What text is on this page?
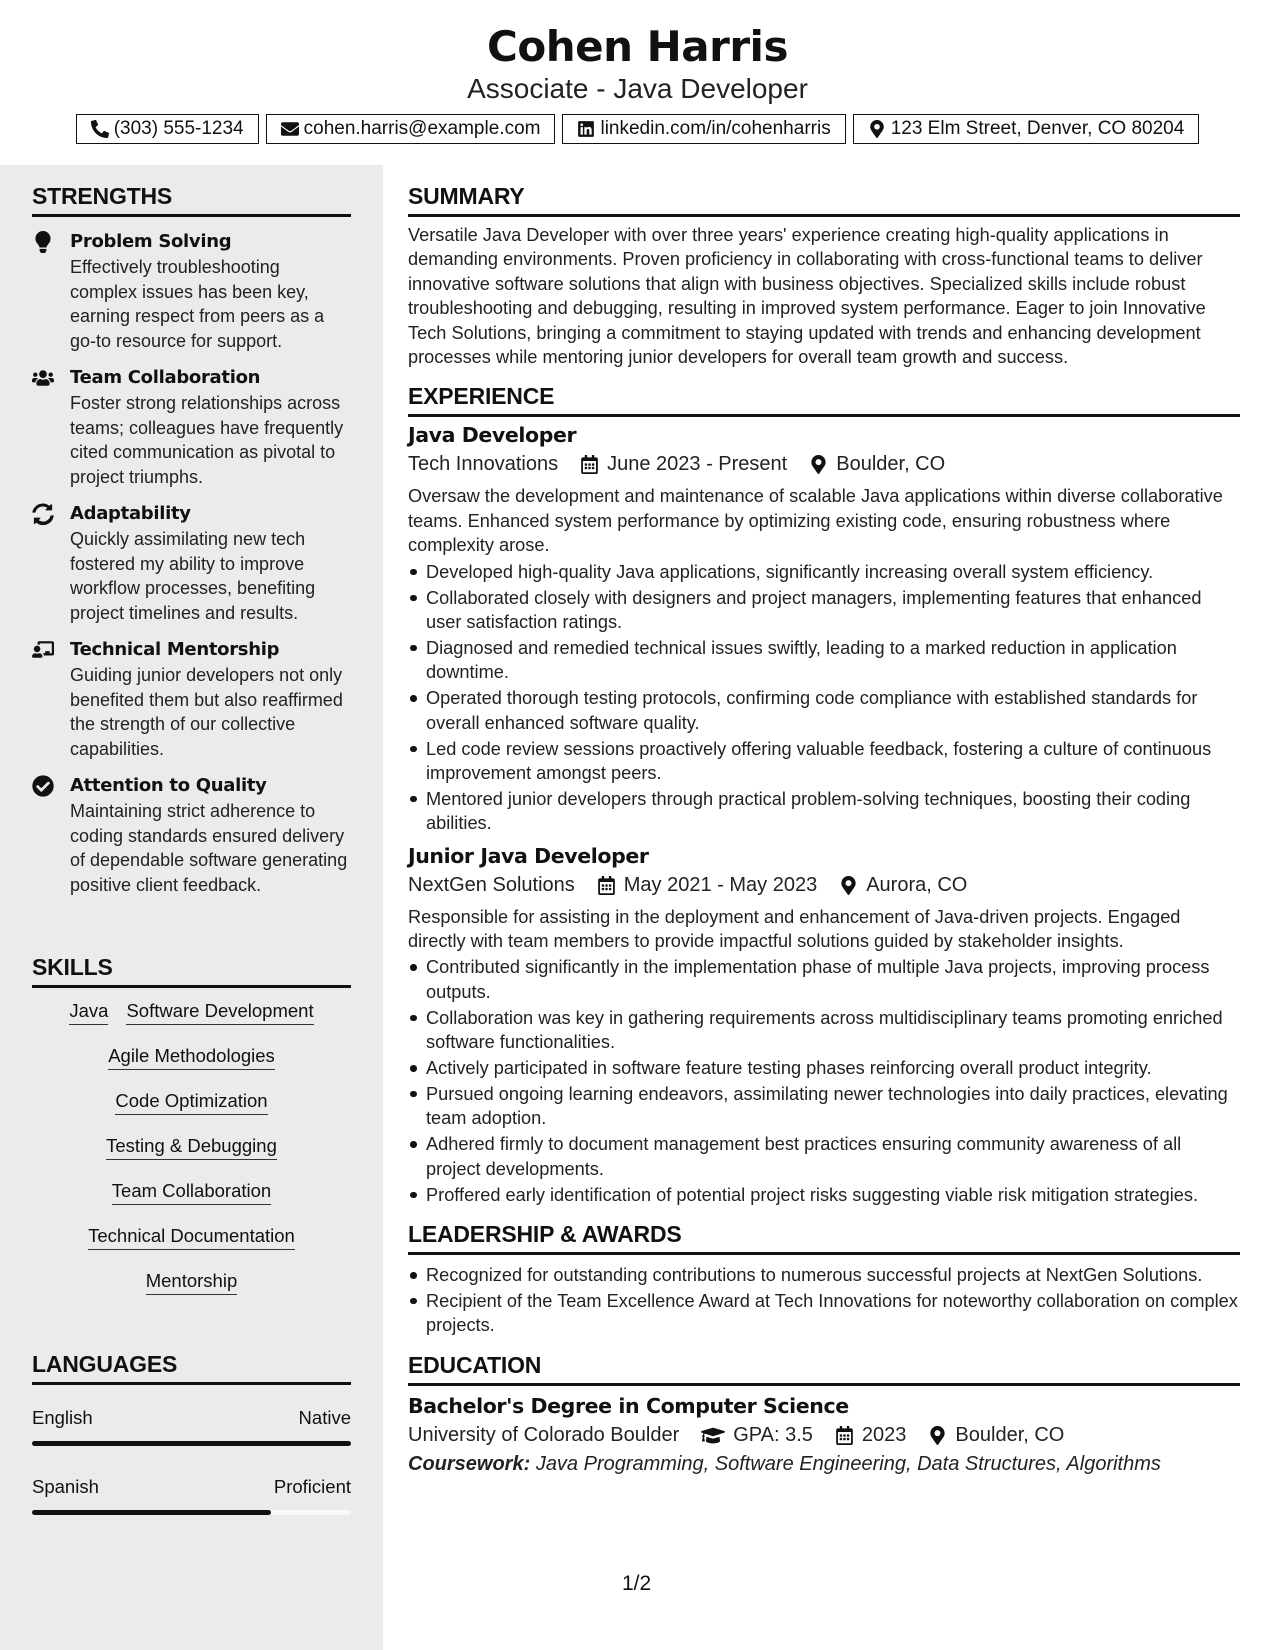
Cohen Harris
Associate - Java Developer
(303) 555-1234	cohen.harris@example.com	linkedin.com/in/cohenharris	123 Elm Street, Denver, CO 80204
STRENGTHS
Problem Solving
Effectively troubleshooting complex issues has been key, earning respect from peers as a go-to resource for support.
Team Collaboration
Foster strong relationships across teams; colleagues have frequently cited communication as pivotal to project triumphs.
Adaptability
Quickly assimilating new tech fostered my ability to improve workflow processes, benefiting project timelines and results.
Technical Mentorship
Guiding junior developers not only benefited them but also reaffirmed the strength of our collective capabilities.
Attention to Quality
Maintaining strict adherence to coding standards ensured delivery of dependable software generating positive client feedback.
SKILLS
Java Software Development
Agile Methodologies
Code Optimization
Testing & Debugging
Team Collaboration
Technical Documentation
Mentorship
LANGUAGES
English	Native
Spanish	Proficient
SUMMARY
Versatile Java Developer with over three years' experience creating high-quality applications in demanding environments. Proven proficiency in collaborating with cross-functional teams to deliver innovative software solutions that align with business objectives. Specialized skills include robust troubleshooting and debugging, resulting in improved system performance. Eager to join Innovative Tech Solutions, bringing a commitment to staying updated with trends and enhancing development processes while mentoring junior developers for overall team growth and success.
EXPERIENCE
Java Developer
Tech Innovations June 2023 - Present Boulder, CO
Oversaw the development and maintenance of scalable Java applications within diverse collaborative teams. Enhanced system performance by optimizing existing code, ensuring robustness where complexity arose.
Developed high-quality Java applications, significantly increasing overall system efficiency.
Collaborated closely with designers and project managers, implementing features that enhanced user satisfaction ratings.
Diagnosed and remedied technical issues swiftly, leading to a marked reduction in application downtime.
Operated thorough testing protocols, confirming code compliance with established standards for overall enhanced software quality.
Led code review sessions proactively offering valuable feedback, fostering a culture of continuous improvement amongst peers.
Mentored junior developers through practical problem-solving techniques, boosting their coding abilities.
Junior Java Developer
NextGen Solutions May 2021 - May 2023 Aurora, CO
Responsible for assisting in the deployment and enhancement of Java-driven projects. Engaged directly with team members to provide impactful solutions guided by stakeholder insights.
Contributed significantly in the implementation phase of multiple Java projects, improving process outputs.
Collaboration was key in gathering requirements across multidisciplinary teams promoting enriched software functionalities.
Actively participated in software feature testing phases reinforcing overall product integrity.
Pursued ongoing learning endeavors, assimilating newer technologies into daily practices, elevating team adoption.
Adhered firmly to document management best practices ensuring community awareness of all project developments.
Proffered early identification of potential project risks suggesting viable risk mitigation strategies.
LEADERSHIP & AWARDS
Recognized for outstanding contributions to numerous successful projects at NextGen Solutions.
Recipient of the Team Excellence Award at Tech Innovations for noteworthy collaboration on complex projects.
EDUCATION
Bachelor's Degree in Computer Science
University of Colorado Boulder	GPA: 3.5 2023 Boulder, CO
Coursework: Java Programming, Software Engineering, Data Structures, Algorithms
1/2
